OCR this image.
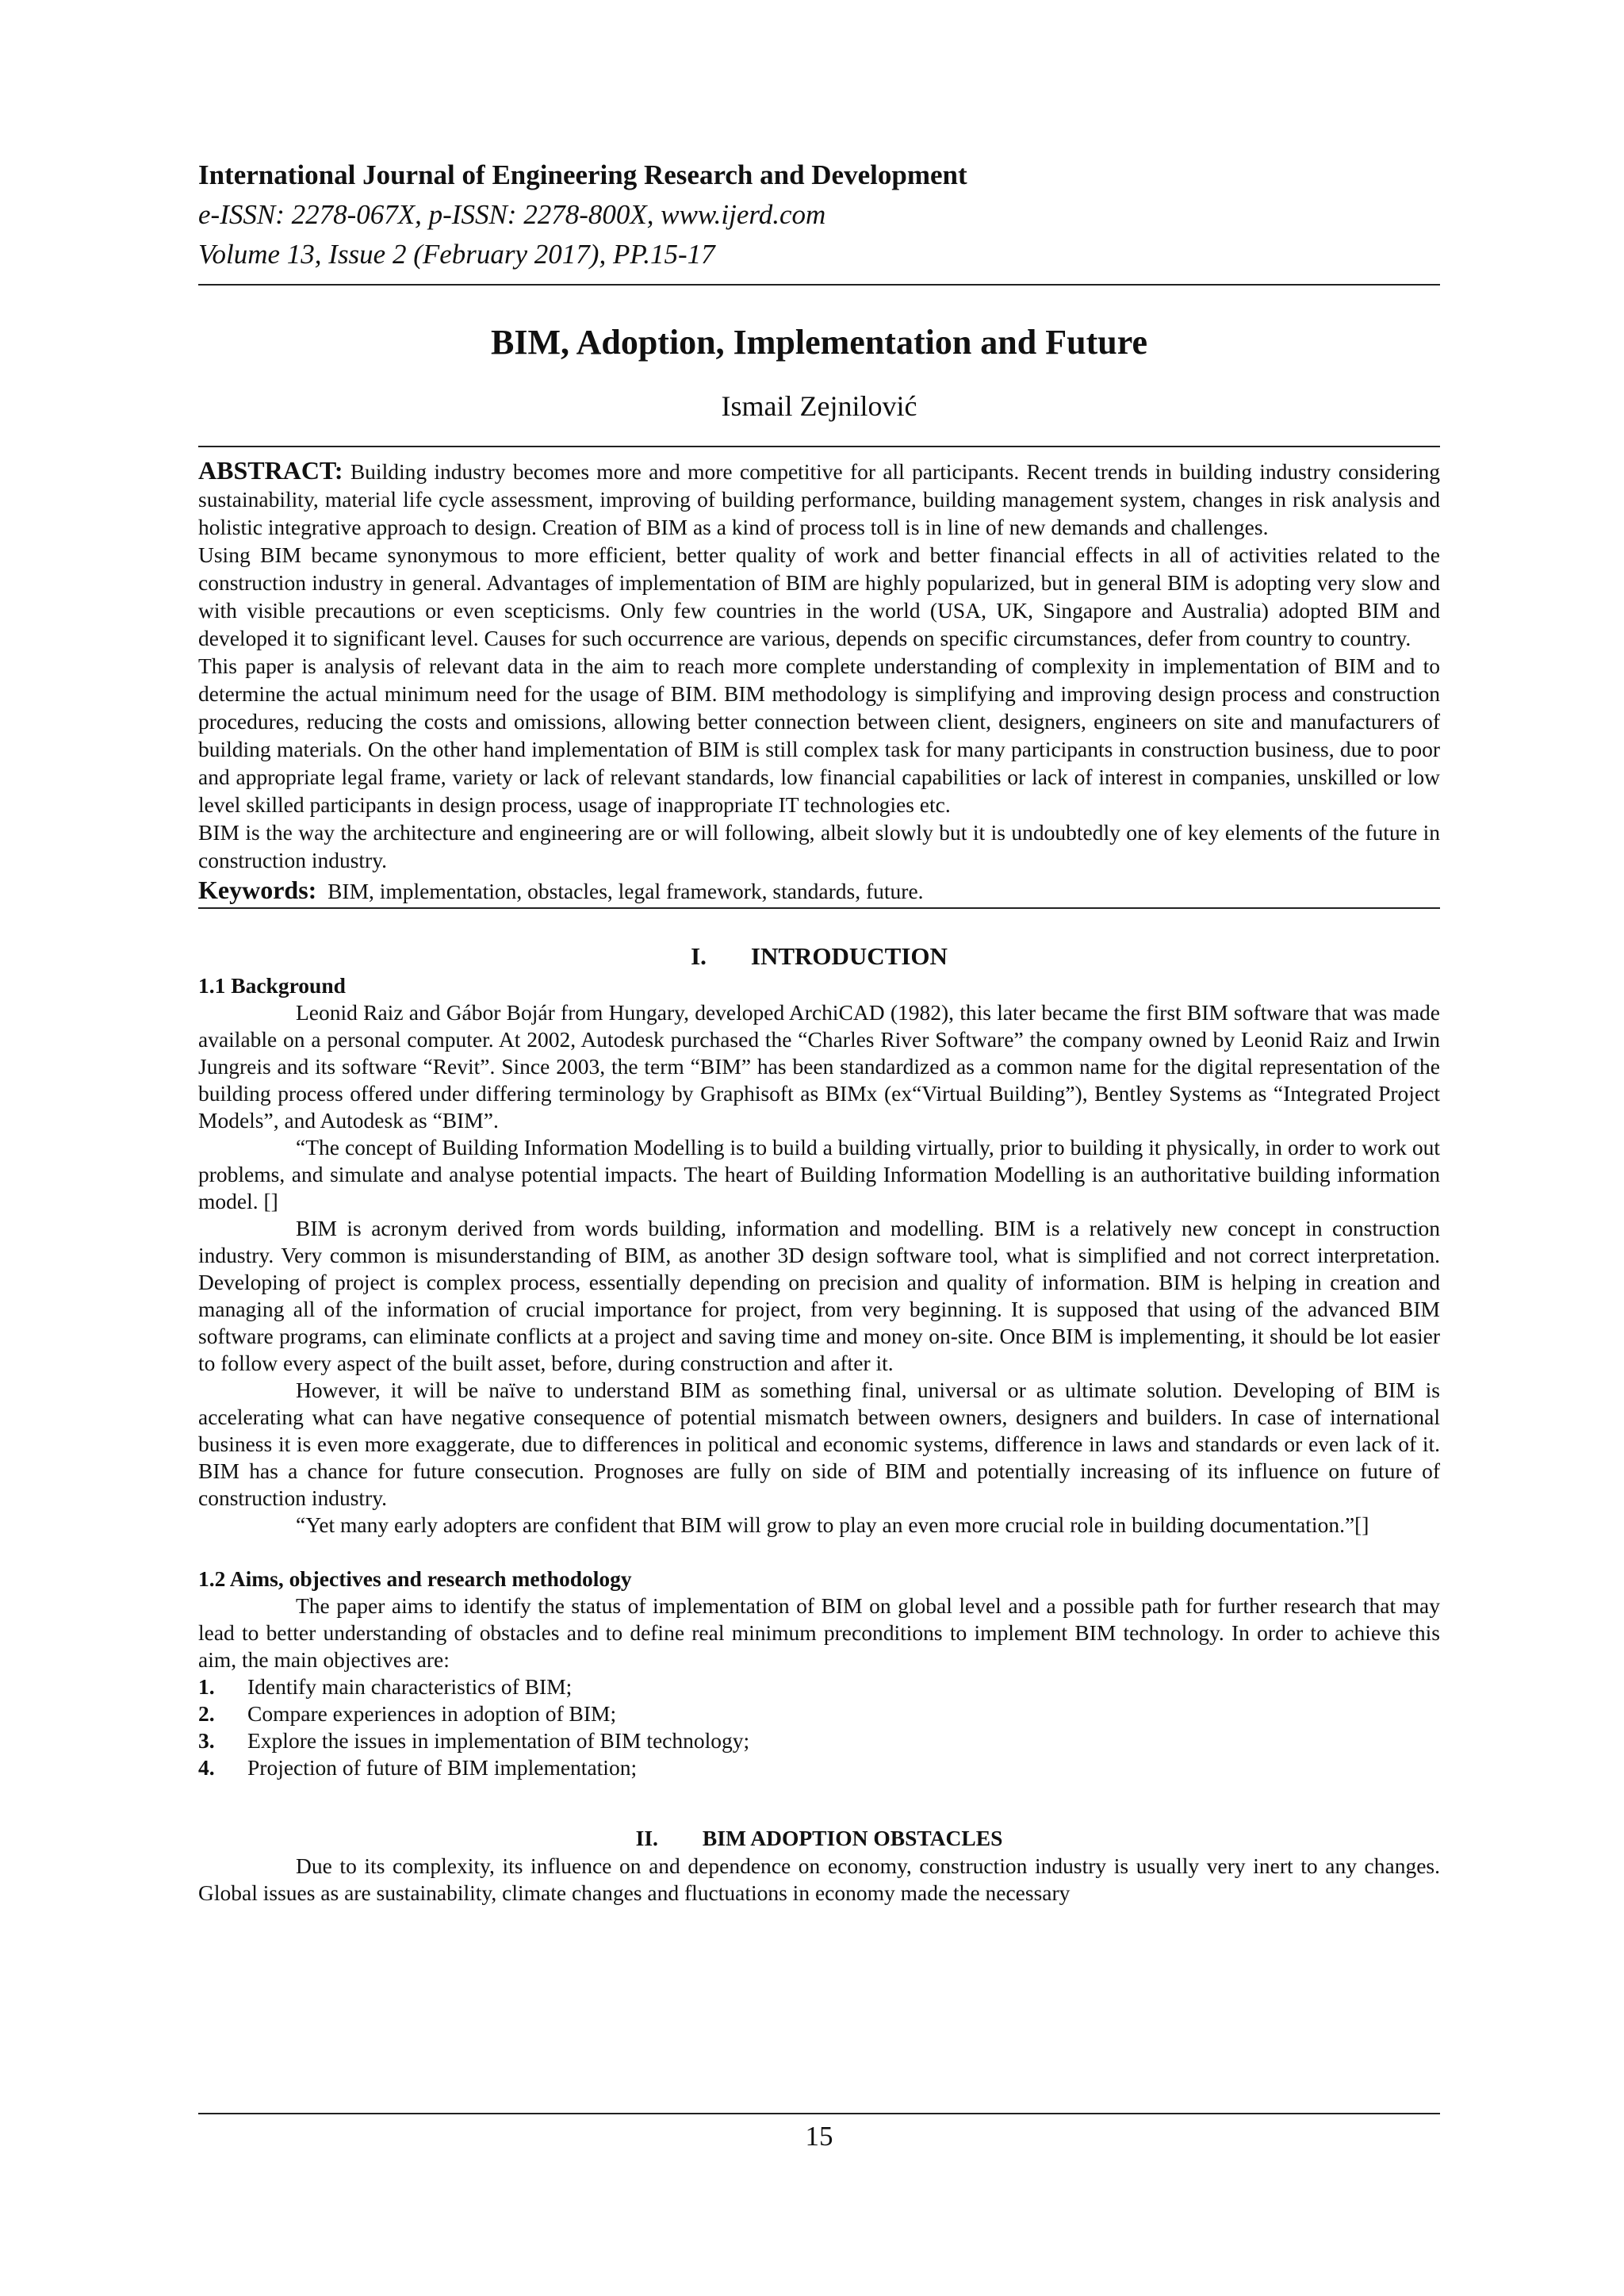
International Journal of Engineering Research and Development

e-ISSN: 2278-067X, p-ISSN: 2278-800X, www.ijerd.com

Volume 13, Issue 2 (February 2017), PP.15-17

BIM, Adoption, Implementation and Future

Ismail Zejnilović

ABSTRACT: Building industry becomes more and more competitive for all participants. Recent trends in building industry considering sustainability, material life cycle assessment, improving of building performance, building management system, changes in risk analysis and holistic integrative approach to design. Creation of BIM as a kind of process toll is in line of new demands and challenges.

Using BIM became synonymous to more efficient, better quality of work and better financial effects in all of activities related to the construction industry in general. Advantages of implementation of BIM are highly popularized, but in general BIM is adopting very slow and with visible precautions or even scepticisms. Only few countries in the world (USA, UK, Singapore and Australia) adopted BIM and developed it to significant level. Causes for such occurrence are various, depends on specific circumstances, defer from country to country.

This paper is analysis of relevant data in the aim to reach more complete understanding of complexity in implementation of BIM and to determine the actual minimum need for the usage of BIM. BIM methodology is simplifying and improving design process and construction procedures, reducing the costs and omissions, allowing better connection between client, designers, engineers on site and manufacturers of building materials. On the other hand implementation of BIM is still complex task for many participants in construction business, due to poor and appropriate legal frame, variety or lack of relevant standards, low financial capabilities or lack of interest in companies, unskilled or low level skilled participants in design process, usage of inappropriate IT technologies etc.

BIM is the way the architecture and engineering are or will following, albeit slowly but it is undoubtedly one of key elements of the future in construction industry.

Keywords: BIM, implementation, obstacles, legal framework, standards, future.

I. INTRODUCTION

1.1 Background

Leonid Raiz and Gábor Bojár from Hungary, developed ArchiCAD (1982), this later became the first BIM software that was made available on a personal computer. At 2002, Autodesk purchased the “Charles River Software” the company owned by Leonid Raiz and Irwin Jungreis and its software “Revit”. Since 2003, the term “BIM” has been standardized as a common name for the digital representation of the building process offered under differing terminology by Graphisoft as BIMx (ex“Virtual Building”), Bentley Systems as “Integrated Project Models”, and Autodesk as “BIM”.

“The concept of Building Information Modelling is to build a building virtually, prior to building it physically, in order to work out problems, and simulate and analyse potential impacts. The heart of Building Information Modelling is an authoritative building information model. []

BIM is acronym derived from words building, information and modelling. BIM is a relatively new concept in construction industry. Very common is misunderstanding of BIM, as another 3D design software tool, what is simplified and not correct interpretation. Developing of project is complex process, essentially depending on precision and quality of information. BIM is helping in creation and managing all of the information of crucial importance for project, from very beginning. It is supposed that using of the advanced BIM software programs, can eliminate conflicts at a project and saving time and money on-site. Once BIM is implementing, it should be lot easier to follow every aspect of the built asset, before, during construction and after it.

However, it will be naïve to understand BIM as something final, universal or as ultimate solution. Developing of BIM is accelerating what can have negative consequence of potential mismatch between owners, designers and builders. In case of international business it is even more exaggerate, due to differences in political and economic systems, difference in laws and standards or even lack of it. BIM has a chance for future consecution. Prognoses are fully on side of BIM and potentially increasing of its influence on future of construction industry.

“Yet many early adopters are confident that BIM will grow to play an even more crucial role in building documentation.”[]

1.2 Aims, objectives and research methodology

The paper aims to identify the status of implementation of BIM on global level and a possible path for further research that may lead to better understanding of obstacles and to define real minimum preconditions to implement BIM technology. In order to achieve this aim, the main objectives are:

1.	Identify main characteristics of BIM;
2.	Compare experiences in adoption of BIM;
3.	Explore the issues in implementation of BIM technology;
4.	Projection of future of BIM implementation;
II. BIM ADOPTION OBSTACLES

Due to its complexity, its influence on and dependence on economy, construction industry is usually very inert to any changes. Global issues as are sustainability, climate changes and fluctuations in economy made the necessary

15
